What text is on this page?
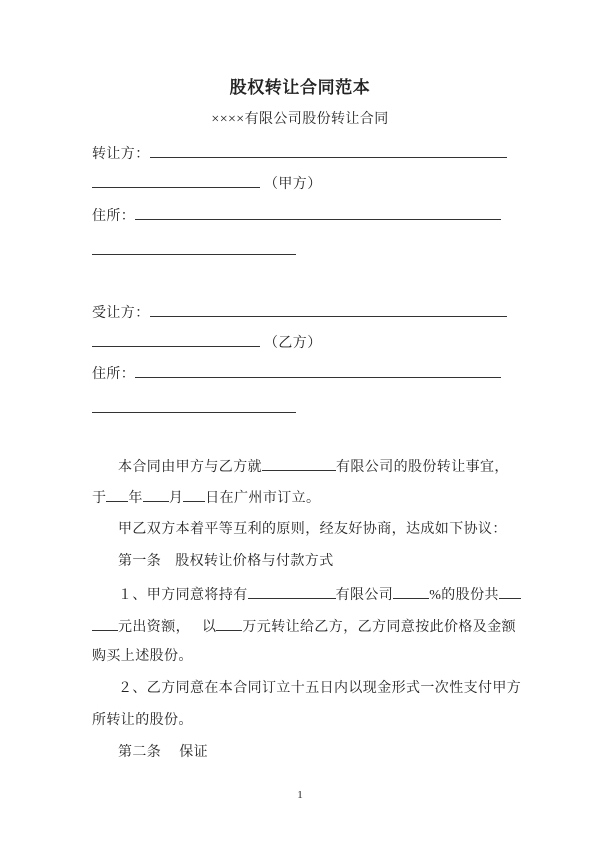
股权转让合同范本
××××有限公司股份转让合同
转让方：
（甲方）
住所：
受让方：
（乙方）
住所：
本合同由甲方与乙方就	有限公司的股份转让事宜，
于 年 月 日在广州市订立。
甲乙双方本着平等互利的原则，经友好协商，达成如下协议：
第一条 股权转让价格与付款方式
１、甲方同意将持有	有限公司	%的股份共
元出资额， 以 万元转让给乙方，乙方同意按此价格及金额
购买上述股份。
２、乙方同意在本合同订立十五日内以现金形式一次性支付甲方
所转让的股份。
第二条 保证
1
